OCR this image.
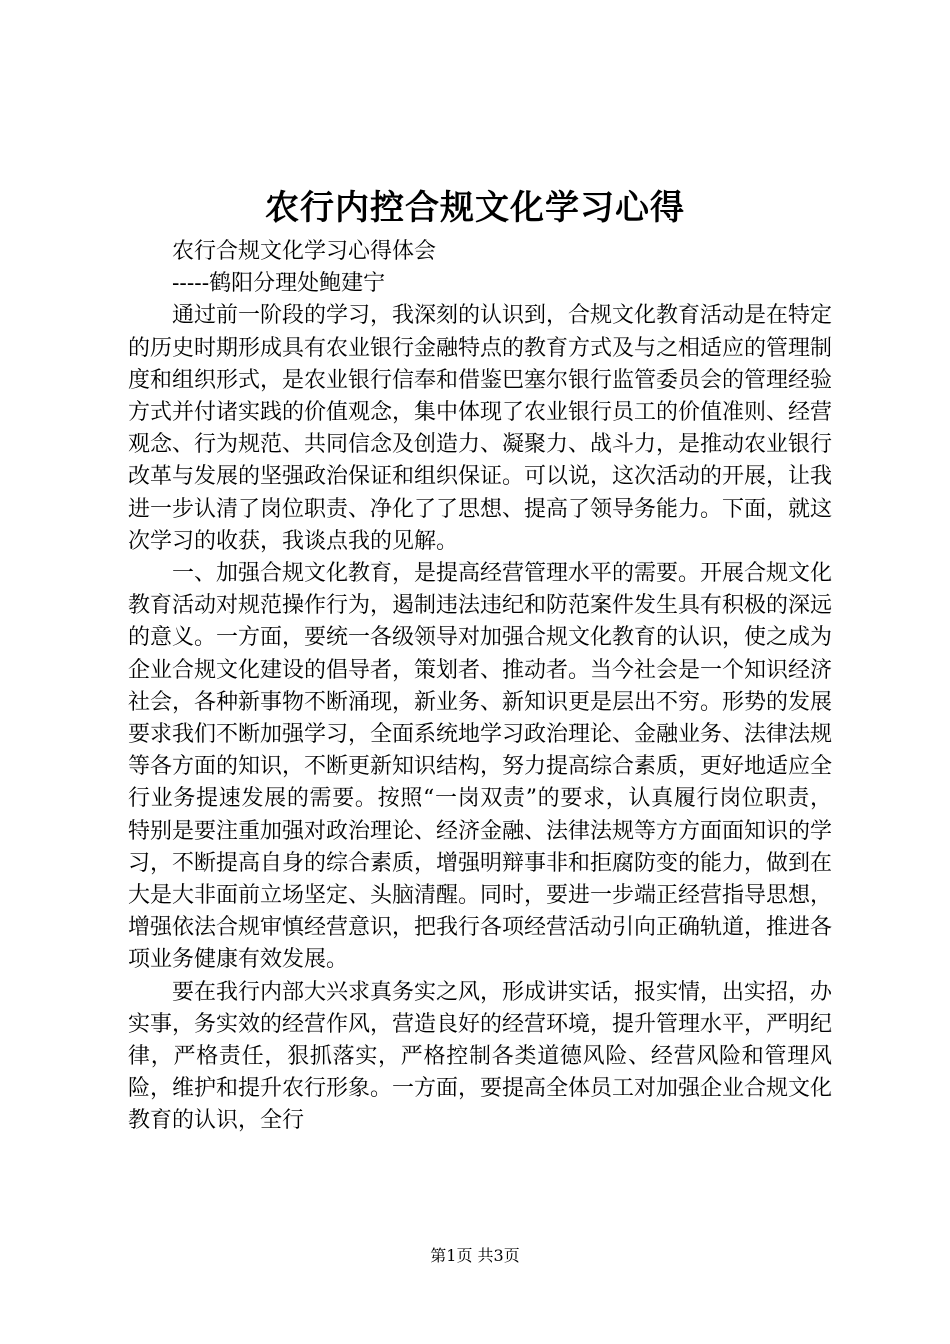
农行内控合规文化学习心得

农行合规文化学习心得体会

-----鹤阳分理处鲍建宁

通过前一阶段的学习，我深刻的认识到，合规文化教育活动是在特定的历史时期形成具有农业银行金融特点的教育方式及与之相适应的管理制度和组织形式，是农业银行信奉和借鉴巴塞尔银行监管委员会的管理经验方式并付诸实践的价值观念，集中体现了农业银行员工的价值准则、经营观念、行为规范、共同信念及创造力、凝聚力、战斗力，是推动农业银行改革与发展的坚强政治保证和组织保证。可以说，这次活动的开展，让我进一步认清了岗位职责、净化了了思想、提高了领导务能力。下面，就这次学习的收获，我谈点我的见解。

一、加强合规文化教育，是提高经营管理水平的需要。开展合规文化教育活动对规范操作行为，遏制违法违纪和防范案件发生具有积极的深远的意义。一方面，要统一各级领导对加强合规文化教育的认识，使之成为企业合规文化建设的倡导者，策划者、推动者。当今社会是一个知识经济社会，各种新事物不断涌现，新业务、新知识更是层出不穷。形势的发展要求我们不断加强学习，全面系统地学习政治理论、金融业务、法律法规等各方面的知识，不断更新知识结构，努力提高综合素质，更好地适应全行业务提速发展的需要。按照“一岗双责”的要求，认真履行岗位职责，特别是要注重加强对政治理论、经济金融、法律法规等方方面面知识的学习，不断提高自身的综合素质，增强明辩事非和拒腐防变的能力，做到在大是大非面前立场坚定、头脑清醒。同时，要进一步端正经营指导思想，增强依法合规审慎经营意识，把我行各项经营活动引向正确轨道，推进各项业务健康有效发展。

要在我行内部大兴求真务实之风，形成讲实话，报实情，出实招，办实事，务实效的经营作风，营造良好的经营环境，提升管理水平，严明纪律，严格责任，狠抓落实，严格控制各类道德风险、经营风险和管理风险，维护和提升农行形象。一方面，要提高全体员工对加强企业合规文化教育的认识，全行

第1页 共3页
